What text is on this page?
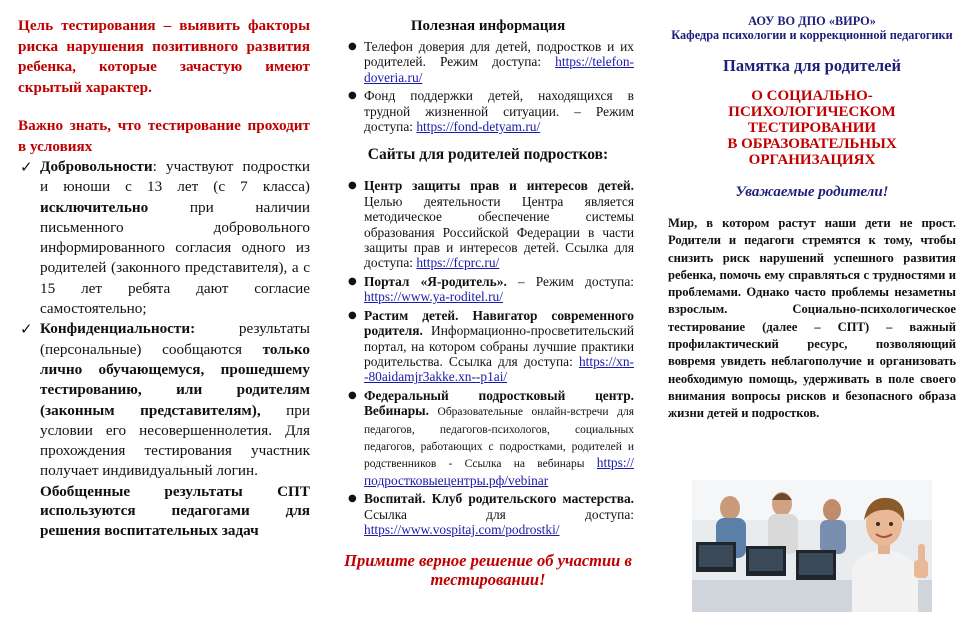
Цель тестирования – выявить факторы риска нарушения позитивного развития ребенка, которые зачастую имеют скрытый характер.

Важно знать, что тестирование проходит в условиях

✓ Добровольности: участвуют подростки и юноши с 13 лет (с 7 класса) исключительно при наличии письменного добровольного информированного согласия одного из родителей (законного представителя), а с 15 лет ребята дают согласие самостоятельно;

✓ Конфиденциальности: результаты (персональные) сообщаются только лично обучающемуся, прошедшему тестированию, или родителям (законным представителям), при условии его несовершеннолетия. Для прохождения тестирования участник получает индивидуальный логин.

Обобщенные результаты СПТ используются педагогами для решения воспитательных задач

Полезная информация
● Телефон доверия для детей, подростков и их родителей. Режим доступа: https://telefon-doveria.ru/
● Фонд поддержки детей, находящихся в трудной жизненной ситуации. – Режим доступа: https://fond-detyam.ru/
Сайты для родителей подростков:
● Центр защиты прав и интересов детей. Целью деятельности Центра является методическое обеспечение системы образования Российской Федерации в части защиты прав и интересов детей. Ссылка для доступа: https://fcprc.ru/
● Портал «Я-родитель». – Режим доступа: https://www.ya-roditel.ru/
● Растим детей. Навигатор современного родителя. Информационно-просветительский портал, на котором собраны лучшие практики родительства. Ссылка для доступа: https://xn--80aidamjr3akke.xn--p1ai/
● Федеральный подростковый центр. Вебинары. Образовательные онлайн-встречи для педагогов, педагогов-психологов, социальных педагогов, работающих с подростками, родителей и родственников - Ссылка на вебинары https://подростковыецентры.рф/vebinar
● Воспитай. Клуб родительского мастерства. Ссылка для доступа: https://www.vospitaj.com/podrostki/
Примите верное решение об участии в тестировании!
АОУ ВО ДПО «ВИРО»
Кафедра психологии и коррекционной педагогики
Памятка для родителей
О СОЦИАЛЬНО-
ПСИХОЛОГИЧЕСКОМ
ТЕСТИРОВАНИИ
В ОБРАЗОВАТЕЛЬНЫХ
ОРГАНИЗАЦИЯХ
Уважаемые родители!
Мир, в котором растут наши дети не прост. Родители и педагоги стремятся к тому, чтобы снизить риск нарушений успешного развития ребенка, помочь ему справляться с трудностями и проблемами. Однако часто проблемы незаметны взрослым. Социально-психологическое тестирование (далее – СПТ) – важный профилактический ресурс, позволяющий вовремя увидеть неблагополучие и организовать необходимую помощь, удерживать в поле своего внимания вопросы рисков и безопасного образа жизни детей и подростков.
